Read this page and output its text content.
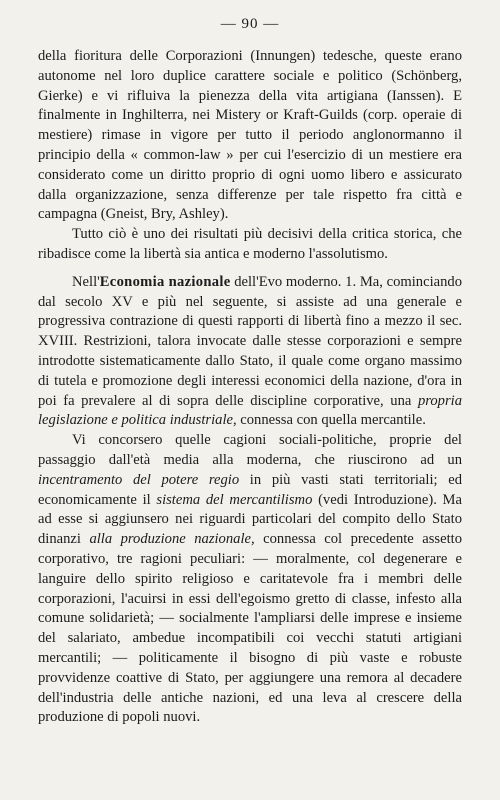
— 90 —

della fioritura delle Corporazioni (Innungen) tedesche, queste erano autonome nel loro duplice carattere sociale e politico (Schönberg, Gierke) e vi rifluiva la pienezza della vita artigiana (Ianssen). E finalmente in Inghilterra, nei Mistery or Kraft-Guilds (corp. operaie di mestiere) rimase in vigore per tutto il periodo anglonormanno il principio della « common-law » per cui l'esercizio di un mestiere era considerato come un diritto proprio di ogni uomo libero e assicurato dalla organizzazione, senza differenze per tale rispetto fra città e campagna (Gneist, Bry, Ashley).

Tutto ciò è uno dei risultati più decisivi della critica storica, che ribadisce come la libertà sia antica e moderno l'assolutismo.

Nell'Economia nazionale dell'Evo moderno. 1. Ma, cominciando dal secolo XV e più nel seguente, si assiste ad una generale e progressiva contrazione di questi rapporti di libertà fino a mezzo il sec. XVIII. Restrizioni, talora invocate dalle stesse corporazioni e sempre introdotte sistematicamente dallo Stato, il quale come organo massimo di tutela e promozione degli interessi economici della nazione, d'ora in poi fa prevalere al di sopra delle discipline corporative, una propria legislazione e politica industriale, connessa con quella mercantile.

Vi concorsero quelle cagioni sociali-politiche, proprie del passaggio dall'età media alla moderna, che riuscirono ad un incentramento del potere regio in più vasti stati territoriali; ed economicamente il sistema del mercantilismo (vedi Introduzione). Ma ad esse si aggiunsero nei riguardi particolari del compito dello Stato dinanzi alla produzione nazionale, connessa col precedente assetto corporativo, tre ragioni peculiari: — moralmente, col degenerare e languire dello spirito religioso e caritatevole fra i membri delle corporazioni, l'acuirsi in essi dell'egoismo gretto di classe, infesto alla comune solidarietà; — socialmente l'ampliarsi delle imprese e insieme del salariato, ambedue incompatibili coi vecchi statuti artigiani mercantili; — politicamente il bisogno di più vaste e robuste provvidenze coattive di Stato, per aggiungere una remora al decadere dell'industria delle antiche nazioni, ed una leva al crescere della produzione di popoli nuovi.
